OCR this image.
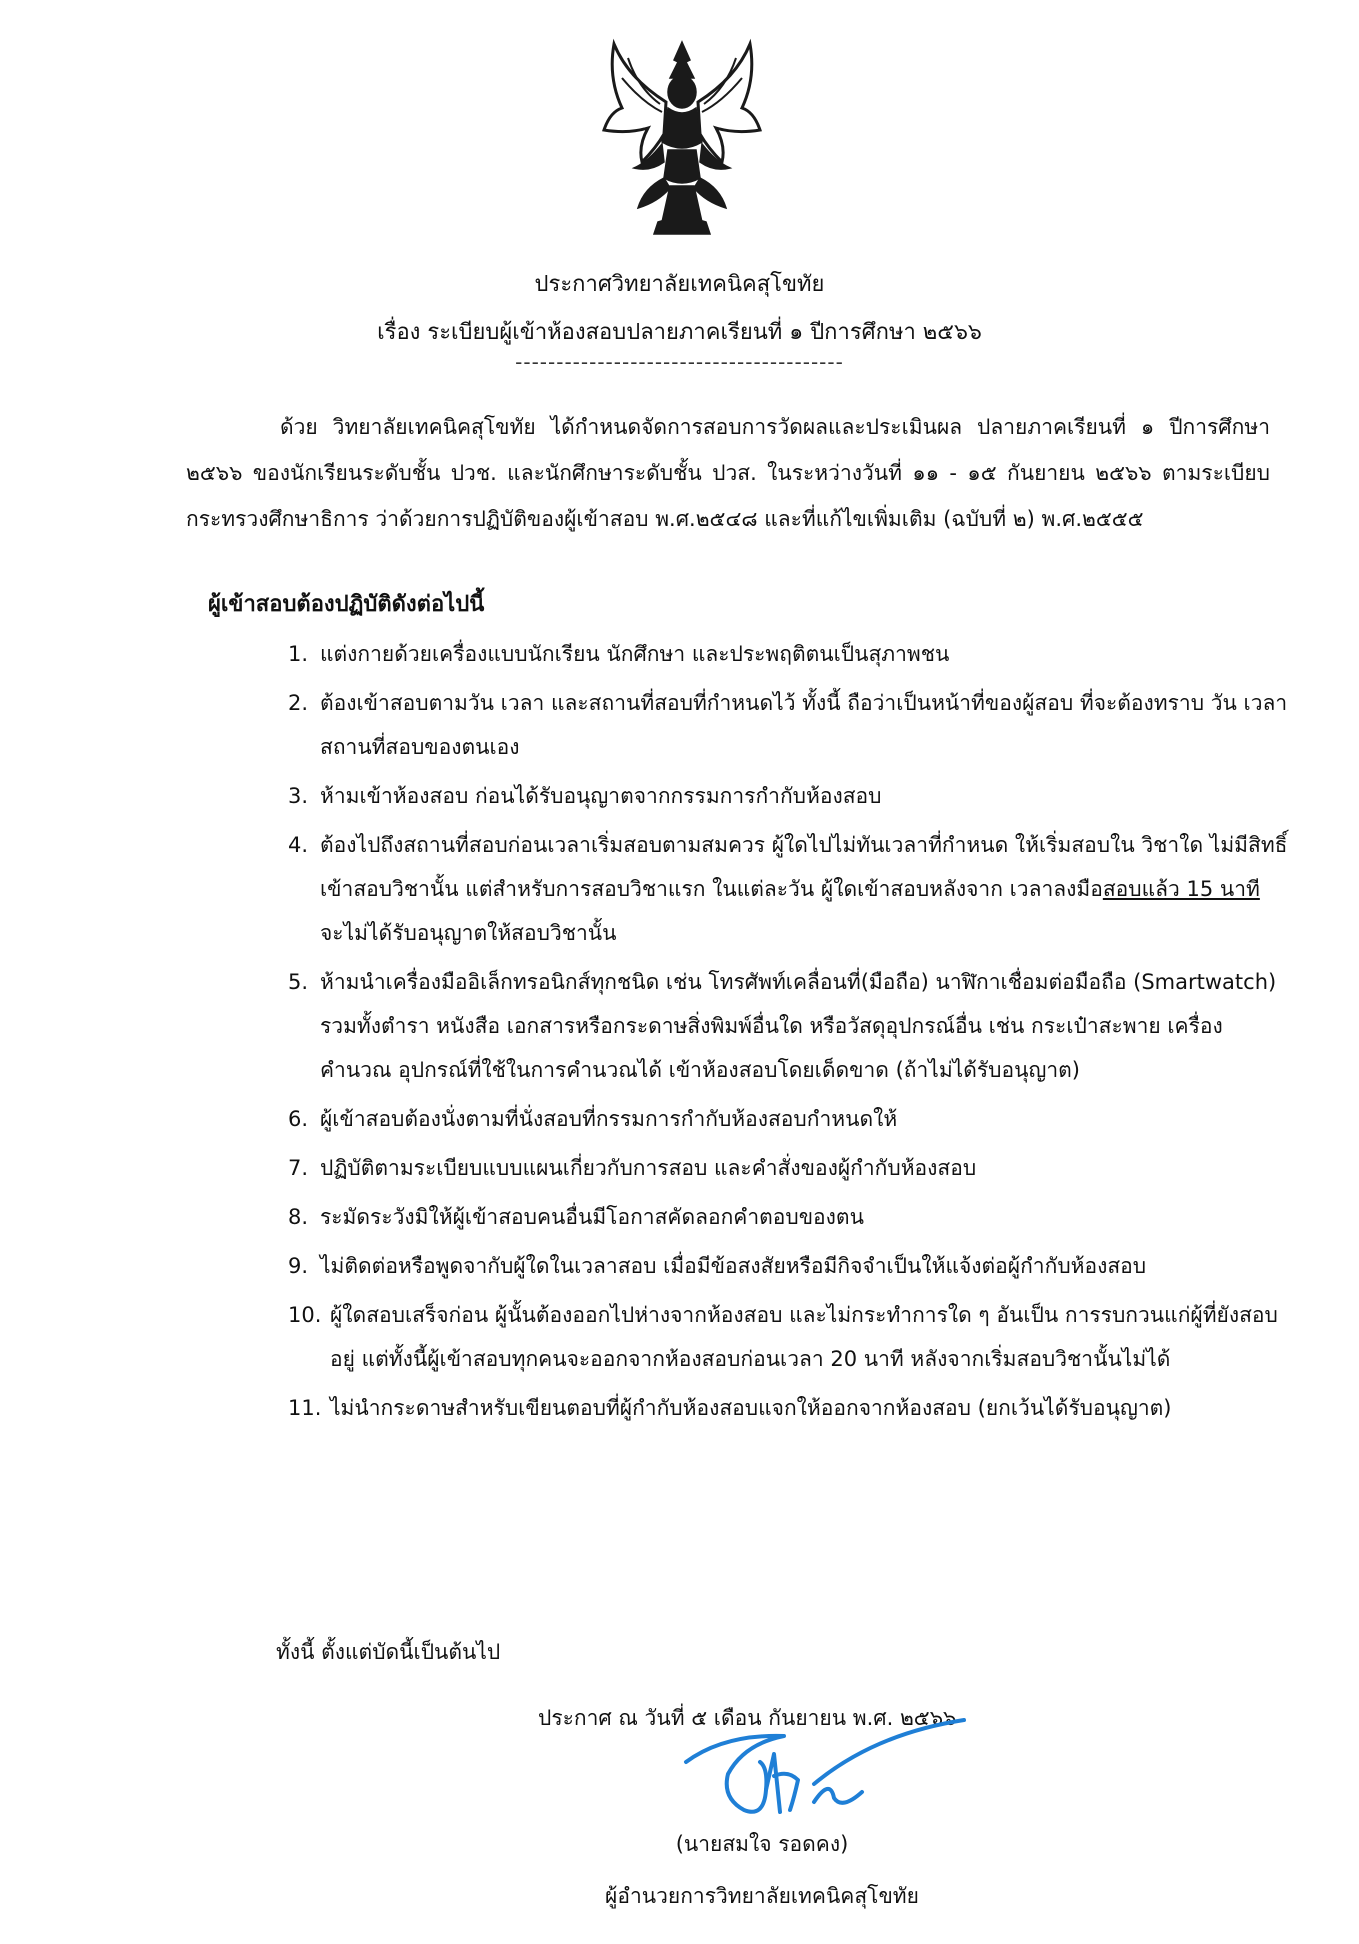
ประกาศวิทยาลัยเทคนิคสุโขทัย
เรื่อง ระเบียบผู้เข้าห้องสอบปลายภาคเรียนที่ ๑ ปีการศึกษา ๒๕๖๖
----------------------------------------
ด้วย วิทยาลัยเทคนิคสุโขทัย ได้กำหนดจัดการสอบการวัดผลและประเมินผล ปลายภาคเรียนที่ ๑ ปีการศึกษา ๒๕๖๖ ของนักเรียนระดับชั้น ปวช. และนักศึกษาระดับชั้น ปวส. ในระหว่างวันที่ ๑๑ - ๑๕ กันยายน ๒๕๖๖ ตามระเบียบกระทรวงศึกษาธิการ ว่าด้วยการปฏิบัติของผู้เข้าสอบ พ.ศ.๒๕๔๘ และที่แก้ไขเพิ่มเติม (ฉบับที่ ๒) พ.ศ.๒๕๕๕
ผู้เข้าสอบต้องปฏิบัติดังต่อไปนี้
1. แต่งกายด้วยเครื่องแบบนักเรียน นักศึกษา และประพฤติตนเป็นสุภาพชน
2. ต้องเข้าสอบตามวัน เวลา และสถานที่สอบที่กำหนดไว้ ทั้งนี้ ถือว่าเป็นหน้าที่ของผู้สอบ ที่จะต้องทราบ วัน เวลา สถานที่สอบของตนเอง
3. ห้ามเข้าห้องสอบ ก่อนได้รับอนุญาตจากกรรมการกำกับห้องสอบ
4. ต้องไปถึงสถานที่สอบก่อนเวลาเริ่มสอบตามสมควร ผู้ใดไปไม่ทันเวลาที่กำหนด ให้เริ่มสอบใน วิชาใด ไม่มีสิทธิ์เข้าสอบวิชานั้น แต่สำหรับการสอบวิชาแรก ในแต่ละวัน ผู้ใดเข้าสอบหลังจาก เวลาลงมือสอบแล้ว 15 นาที จะไม่ได้รับอนุญาตให้สอบวิชานั้น
5. ห้ามนำเครื่องมืออิเล็กทรอนิกส์ทุกชนิด เช่น โทรศัพท์เคลื่อนที่(มือถือ) นาฬิกาเชื่อมต่อมือถือ (Smartwatch) รวมทั้งตำรา หนังสือ เอกสารหรือกระดาษสิ่งพิมพ์อื่นใด หรือวัสดุอุปกรณ์อื่น เช่น กระเป๋าสะพาย เครื่องคำนวณ อุปกรณ์ที่ใช้ในการคำนวณได้ เข้าห้องสอบโดยเด็ดขาด (ถ้าไม่ได้รับอนุญาต)
6. ผู้เข้าสอบต้องนั่งตามที่นั่งสอบที่กรรมการกำกับห้องสอบกำหนดให้
7. ปฏิบัติตามระเบียบแบบแผนเกี่ยวกับการสอบ และคำสั่งของผู้กำกับห้องสอบ
8. ระมัดระวังมิให้ผู้เข้าสอบคนอื่นมีโอกาสคัดลอกคำตอบของตน
9. ไม่ติดต่อหรือพูดจากับผู้ใดในเวลาสอบ เมื่อมีข้อสงสัยหรือมีกิจจำเป็นให้แจ้งต่อผู้กำกับห้องสอบ
10. ผู้ใดสอบเสร็จก่อน ผู้นั้นต้องออกไปห่างจากห้องสอบ และไม่กระทำการใด ๆ อันเป็น การรบกวนแก่ผู้ที่ยังสอบอยู่ แต่ทั้งนี้ผู้เข้าสอบทุกคนจะออกจากห้องสอบก่อนเวลา 20 นาที หลังจากเริ่มสอบวิชานั้นไม่ได้
11. ไม่นำกระดาษสำหรับเขียนตอบที่ผู้กำกับห้องสอบแจกให้ออกจากห้องสอบ (ยกเว้นได้รับอนุญาต)
ทั้งนี้ ตั้งแต่บัดนี้เป็นต้นไป
ประกาศ ณ วันที่ ๕ เดือน กันยายน พ.ศ. ๒๕๖๖
(นายสมใจ รอดคง)
ผู้อำนวยการวิทยาลัยเทคนิคสุโขทัย
